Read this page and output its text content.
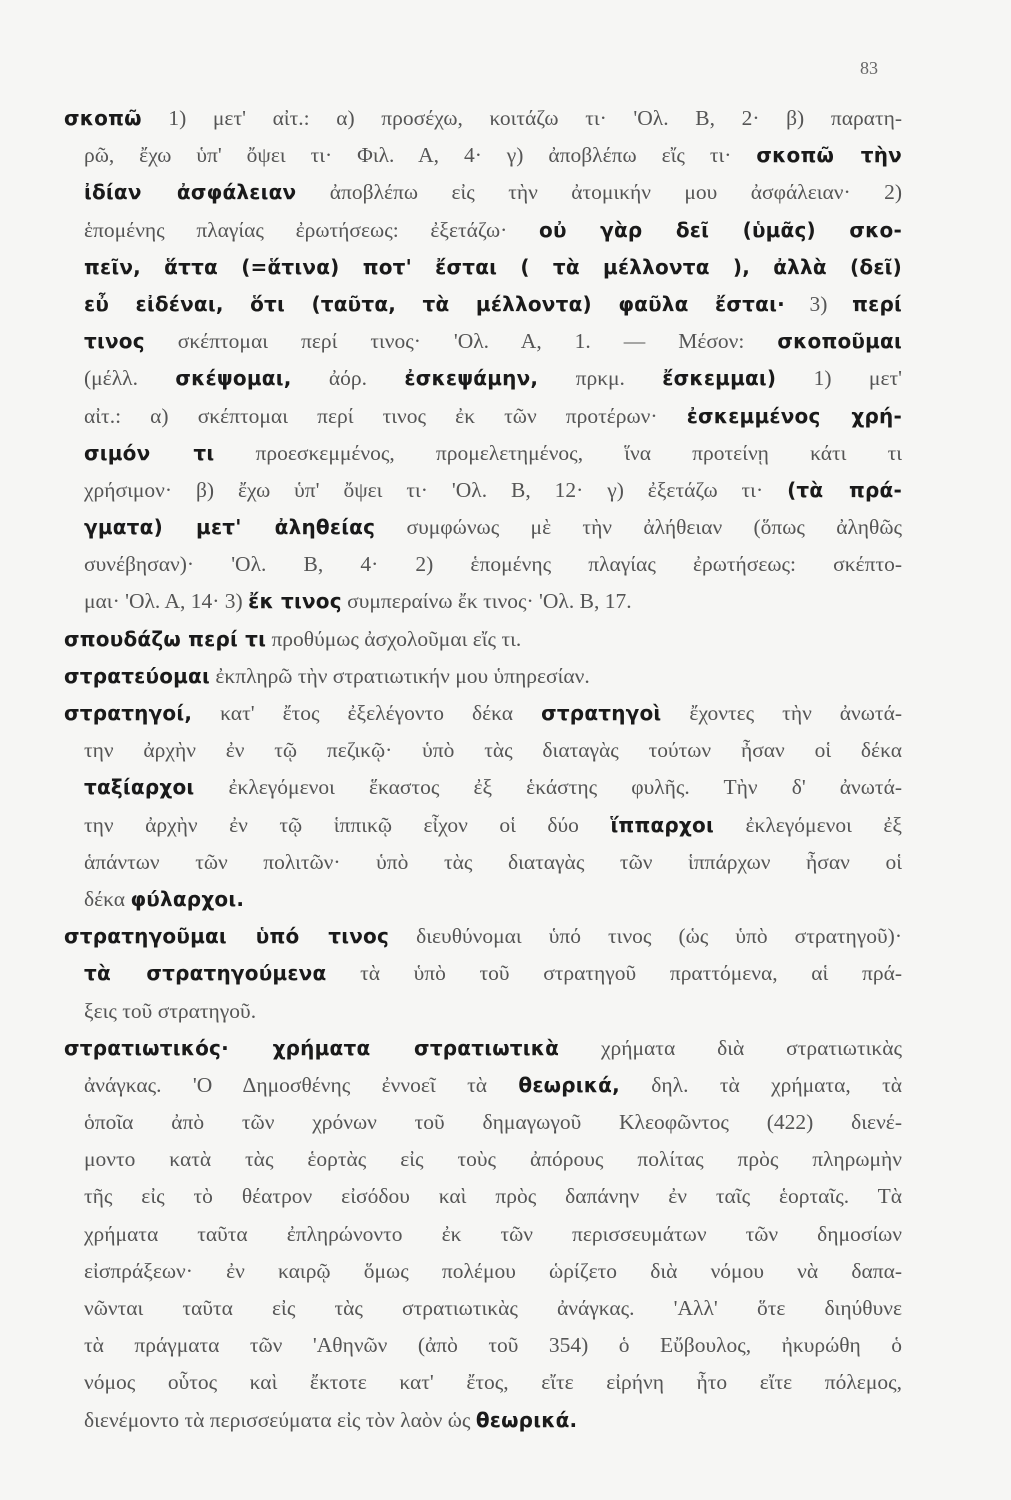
83
σκοπῶ 1) μετ' αἰτ.: α) προσέχω, κοιτάζω τι· 'Ολ. Β, 2· β) παρατη-
ρῶ, ἔχω ὑπ' ὄψει τι· Φιλ. Α, 4· γ) ἀποβλέπω εἴς τι· σκοπῶ τὴν
ἰδίαν ἀσφάλειαν ἀποβλέπω εἰς τὴν ἀτομικήν μου ἀσφάλειαν· 2)
ἑπομένης πλαγίας ἐρωτήσεως: ἐξετάζω· οὐ γὰρ δεῖ (ὑμᾶς) σκο-
πεῖν, ἅττα (=ἅτινα) ποτ' ἔσται ( τὰ μέλλοντα ), ἀλλὰ (δεῖ)
εὖ εἰδέναι, ὅτι (ταῦτα, τὰ μέλλοντα) φαῦλα ἔσται· 3) περί
τινος σκέπτομαι περί τινος· 'Ολ. Α, 1. — Μέσον: σκοποῦμαι
(μέλλ. σκέψομαι, ἀόρ. ἐσκεψάμην, πρκμ. ἔσκεμμαι) 1) μετ'
αἰτ.: α) σκέπτομαι περί τινος ἐκ τῶν προτέρων· ἐσκεμμένος χρή-
σιμόν τι προεσκεμμένος, προμελετημένος, ἵνα προτείνῃ κάτι τι
χρήσιμον· β) ἔχω ὑπ' ὄψει τι· 'Ολ. Β, 12· γ) ἐξετάζω τι· (τὰ πρά-
γματα) μετ' ἀληθείας συμφώνως μὲ τὴν ἀλήθειαν (ὅπως ἀληθῶς
συνέβησαν)· 'Ολ. Β, 4· 2) ἑπομένης πλαγίας ἐρωτήσεως: σκέπτο-
μαι· 'Ολ. Α, 14· 3) ἔκ τινος συμπεραίνω ἔκ τινος· 'Ολ. Β, 17.
σπουδάζω περί τι προθύμως ἀσχολοῦμαι εἴς τι.
στρατεύομαι ἐκπληρῶ τὴν στρατιωτικήν μου ὑπηρεσίαν.
στρατηγοί, κατ' ἔτος ἐξελέγοντο δέκα στρατηγοὶ ἔχοντες τὴν ἀνωτά-
την ἀρχὴν ἐν τῷ πεζικῷ· ὑπὸ τὰς διαταγὰς τούτων ἦσαν οἱ δέκα
ταξίαρχοι ἐκλεγόμενοι ἕκαστος ἐξ ἑκάστης φυλῆς. Τὴν δ' ἀνωτά-
την ἀρχὴν ἐν τῷ ἱππικῷ εἶχον οἱ δύο ἵππαρχοι ἐκλεγόμενοι ἐξ
ἁπάντων τῶν πολιτῶν· ὑπὸ τὰς διαταγὰς τῶν ἱππάρχων ἦσαν οἱ
δέκα φύλαρχοι.
στρατηγοῦμαι ὑπό τινος διευθύνομαι ὑπό τινος (ὡς ὑπὸ στρατηγοῦ)·
τὰ στρατηγούμενα τὰ ὑπὸ τοῦ στρατηγοῦ πραττόμενα, αἱ πρά-
ξεις τοῦ στρατηγοῦ.
στρατιωτικός· χρήματα στρατιωτικὰ χρήματα διὰ στρατιωτικὰς
ἀνάγκας. 'Ο Δημοσθένης ἐννοεῖ τὰ θεωρικά, δηλ. τὰ χρήματα, τὰ
ὁποῖα ἀπὸ τῶν χρόνων τοῦ δημαγωγοῦ Κλεοφῶντος (422) διενέ-
μοντο κατὰ τὰς ἑορτὰς εἰς τοὺς ἀπόρους πολίτας πρὸς πληρωμὴν
τῆς εἰς τὸ θέατρον εἰσόδου καὶ πρὸς δαπάνην ἐν ταῖς ἑορταῖς. Τὰ
χρήματα ταῦτα ἐπληρώνοντο ἐκ τῶν περισσευμάτων τῶν δημοσίων
εἰσπράξεων· ἐν καιρῷ ὅμως πολέμου ὡρίζετο διὰ νόμου νὰ δαπα-
νῶνται ταῦτα εἰς τὰς στρατιωτικὰς ἀνάγκας. 'Αλλ' ὅτε διηύθυνε
τὰ πράγματα τῶν 'Αθηνῶν (ἀπὸ τοῦ 354) ὁ Εὔβουλος, ἠκυρώθη ὁ
νόμος οὗτος καὶ ἔκτοτε κατ' ἔτος, εἴτε εἰρήνη ἦτο εἴτε πόλεμος,
διενέμοντο τὰ περισσεύματα εἰς τὸν λαὸν ὡς θεωρικά.
